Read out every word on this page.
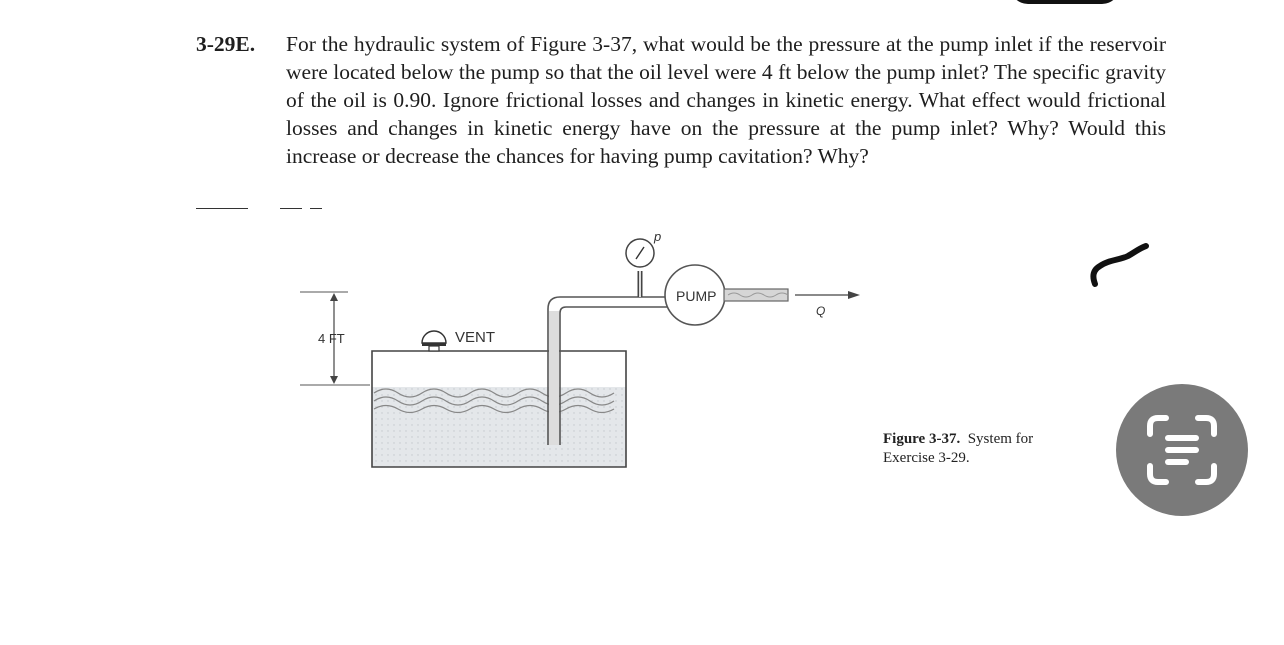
3-29E. For the hydraulic system of Figure 3-37, what would be the pressure at the pump inlet if the reservoir were located below the pump so that the oil level were 4 ft below the pump inlet? The specific gravity of the oil is 0.90. Ignore frictional losses and changes in kinetic energy. What effect would frictional losses and changes in kinetic energy have on the pressure at the pump inlet? Why? Would this increase or decrease the chances for having pump cavitation? Why?
VENT
4 FT
p
PUMP
Q
Figure 3-37. System for Exercise 3-29.
